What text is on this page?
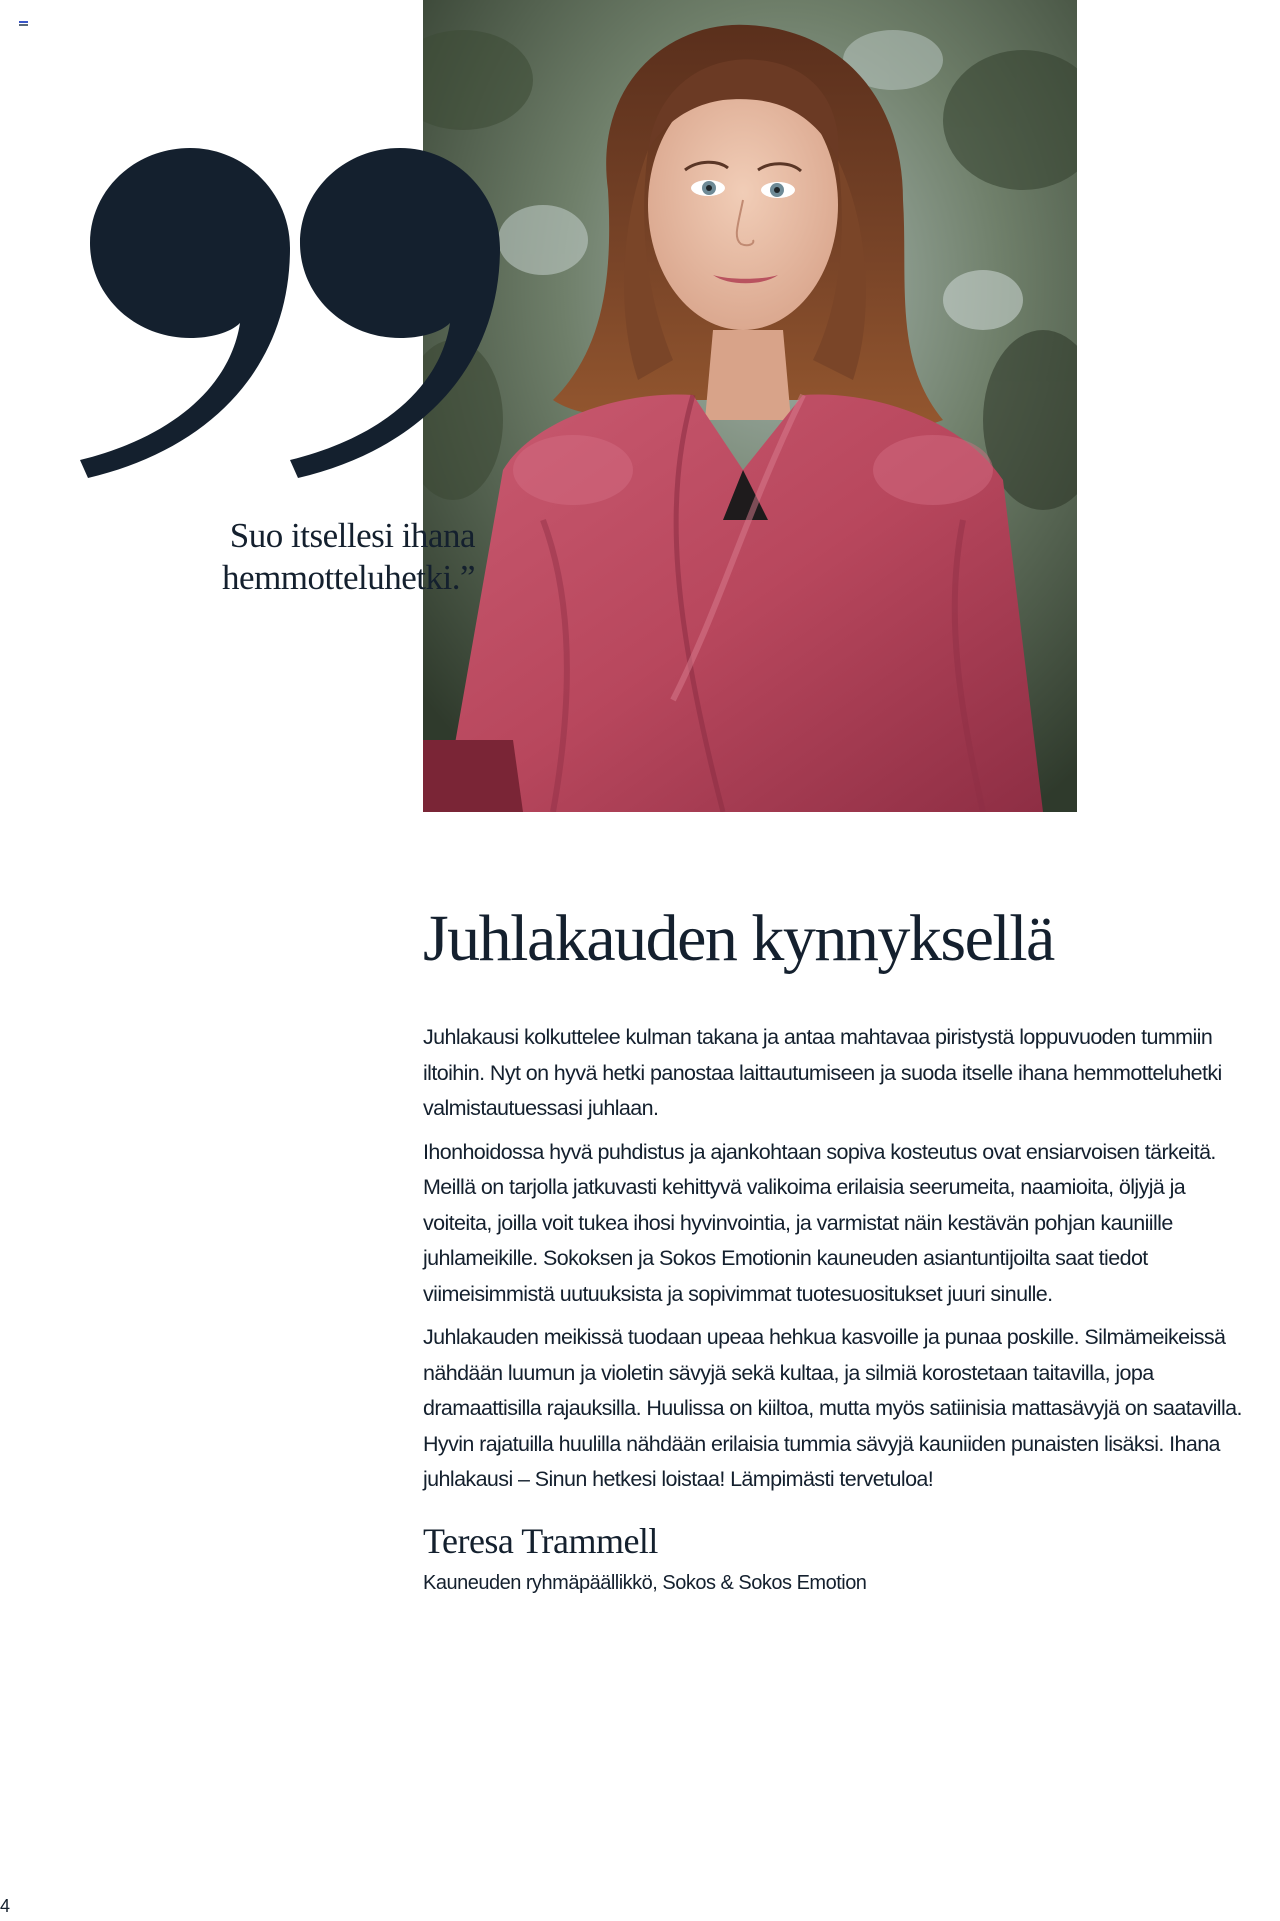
Suo itsellesi ihana
hemmotteluhetki.”
Juhlakauden kynnyksellä

Juhlakausi kolkuttelee kulman takana ja antaa mahtavaa piristystä loppuvuoden tummiin iltoihin. Nyt on hyvä hetki panostaa laittautumiseen ja suoda itselle ihana hemmotteluhetki valmistautuessasi juhlaan.

Ihonhoidossa hyvä puhdistus ja ajankohtaan sopiva kosteutus ovat ensiarvoisen tärkeitä. Meillä on tarjolla jatkuvasti kehittyvä valikoima erilaisia seerumeita, naamioita, öljyjä ja voiteita, joilla voit tukea ihosi hyvinvointia, ja varmistat näin kestävän pohjan kauniille juhlameikille. Sokoksen ja Sokos Emotionin kauneuden asiantuntijoilta saat tiedot viimeisimmistä uutuuksista ja sopivimmat tuotesuositukset juuri sinulle.

Juhlakauden meikissä tuodaan upeaa hehkua kasvoille ja punaa poskille. Silmämeikeissä nähdään luumun ja violetin sävyjä sekä kultaa, ja silmiä korostetaan taitavilla, jopa dramaattisilla rajauksilla. Huulissa on kiiltoa, mutta myös satiinisia mattasävyjä on saatavilla. Hyvin rajatuilla huulilla nähdään erilaisia tummia sävyjä kauniiden punaisten lisäksi. Ihana juhlakausi – Sinun hetkesi loistaa! Lämpimästi tervetuloa!

Teresa Trammell
Kauneuden ryhmäpäällikkö, Sokos & Sokos Emotion
4
